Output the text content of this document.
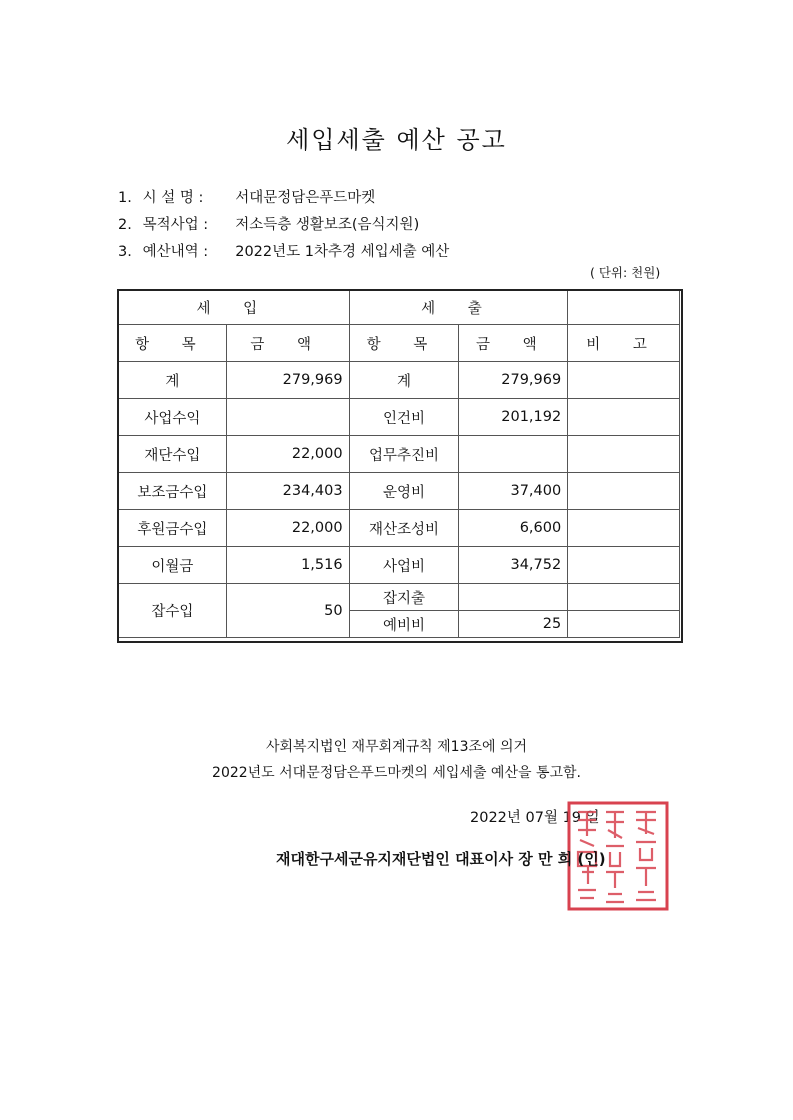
세입세출 예산 공고
1. 시 설 명 : 서대문정담은푸드마켓
2. 목적사업 : 저소득층 생활보조(음식지원)
3. 예산내역 : 2022년도 1차추경 세입세출 예산
( 단위: 천원)
세 입		세 출		
항 목	금 액	항 목	금 액	비 고
계	279,969	계	279,969	
사업수익		인건비	201,192	
재단수입	22,000	업무추진비		
보조금수입	234,403	운영비	37,400	
후원금수입	22,000	재산조성비	6,600	
이월금	1,516	사업비	34,752	
잡수입	50	잡지출		
		예비비	25	
사회복지법인 재무회계규칙 제13조에 의거
2022년도 서대문정담은푸드마켓의 세입세출 예산을 통고함.
2022년 07월 19 일
재대한구세군유지재단법인 대표이사 장 만 희 (인)
